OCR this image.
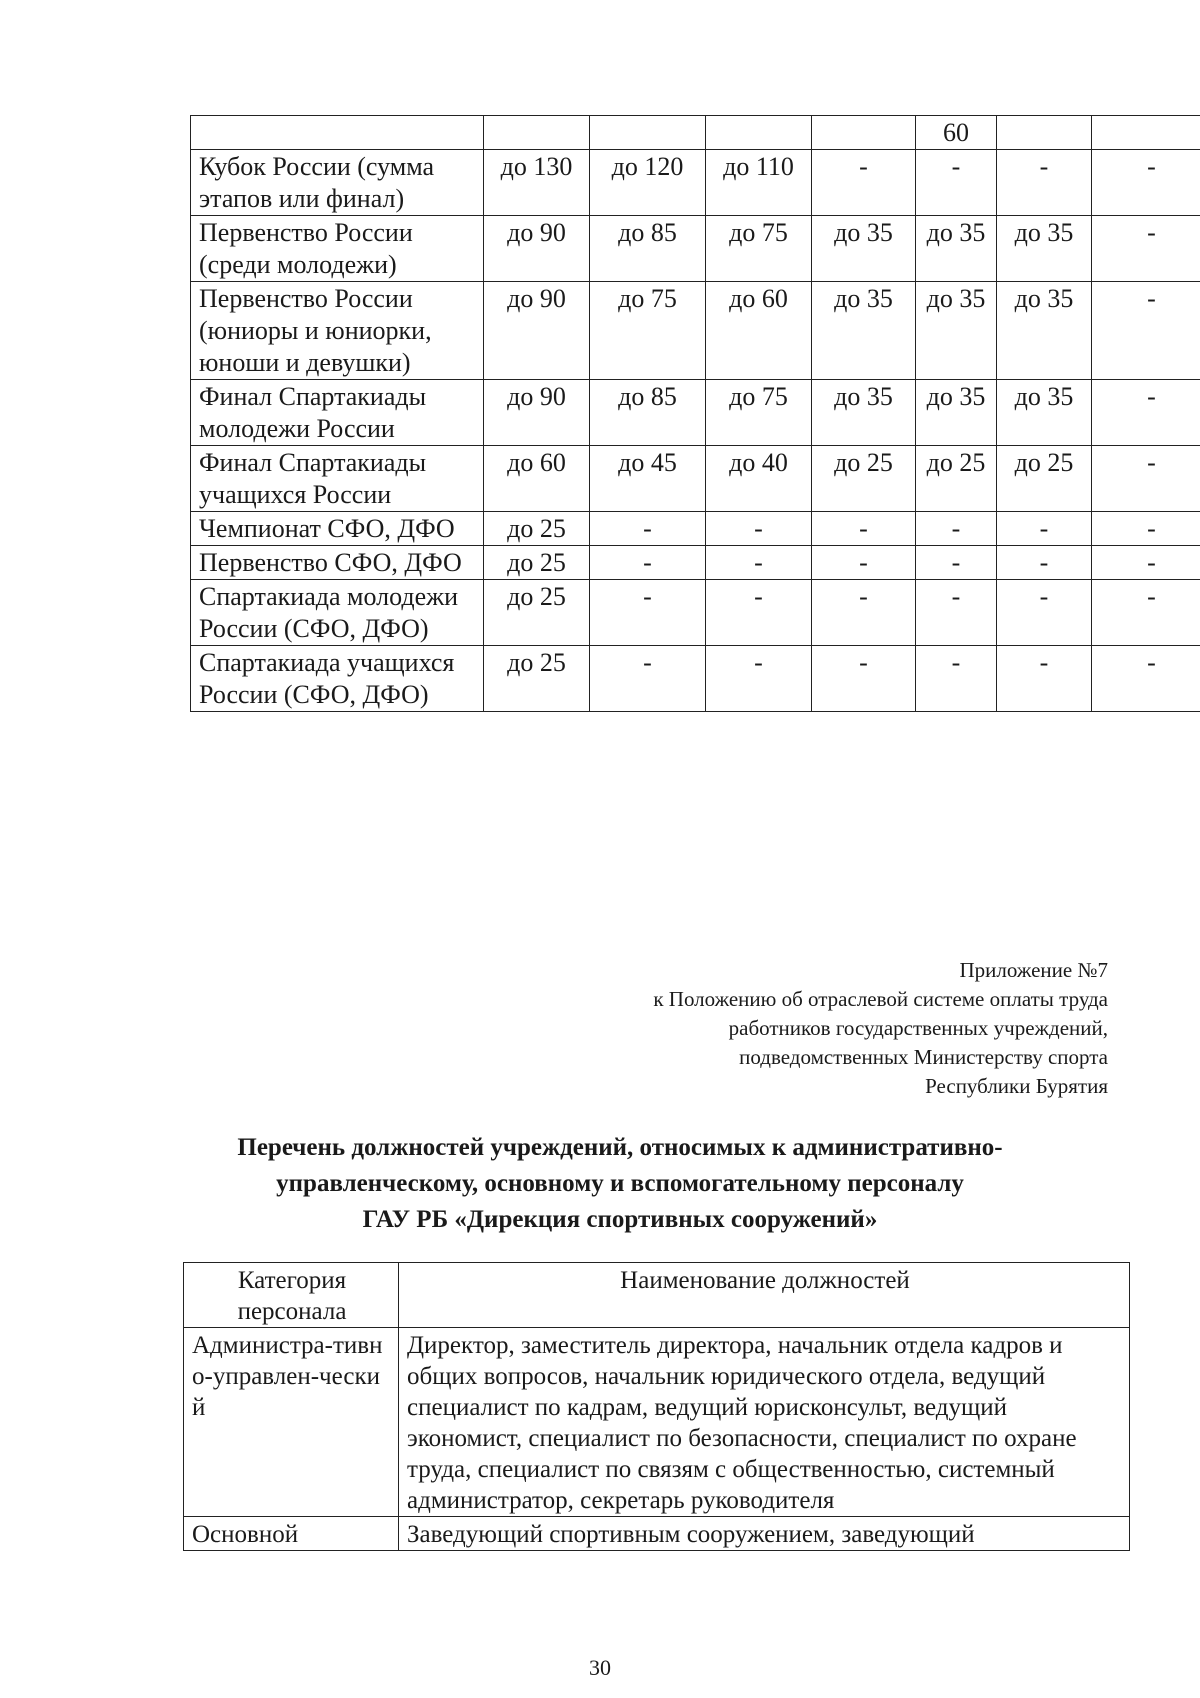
					60		
Кубок России (сумма этапов или финал)	до 130	до 120	до 110	-	-	-	-
Первенство России (среди молодежи)	до 90	до 85	до 75	до 35	до 35	до 35	-
Первенство России (юниоры и юниорки, юноши и девушки)	до 90	до 75	до 60	до 35	до 35	до 35	-
Финал Спартакиады молодежи России	до 90	до 85	до 75	до 35	до 35	до 35	-
Финал Спартакиады учащихся России	до 60	до 45	до 40	до 25	до 25	до 25	-
Чемпионат СФО, ДФО	до 25	-	-	-	-	-	-
Первенство СФО, ДФО	до 25	-	-	-	-	-	-
Спартакиада молодежи России (СФО, ДФО)	до 25	-	-	-	-	-	-
Спартакиада учащихся России (СФО, ДФО)	до 25	-	-	-	-	-	-
Приложение №7
к Положению об отраслевой системе оплаты труда
работников государственных учреждений,
подведомственных Министерству спорта
Республики Бурятия
Перечень должностей учреждений, относимых к административно-
управленческому, основному и вспомогательному персоналу
ГАУ РБ «Дирекция спортивных сооружений»
Категория персонала	Наименование должностей
Администра-тивно-управлен-ческий	Директор, заместитель директора, начальник отдела кадров и общих вопросов, начальник юридического отдела, ведущий специалист по кадрам, ведущий юрисконсульт, ведущий экономист, специалист по безопасности, специалист по охране труда, специалист по связям с общественностью, системный администратор, секретарь руководителя
Основной	Заведующий спортивным сооружением, заведующий
30
